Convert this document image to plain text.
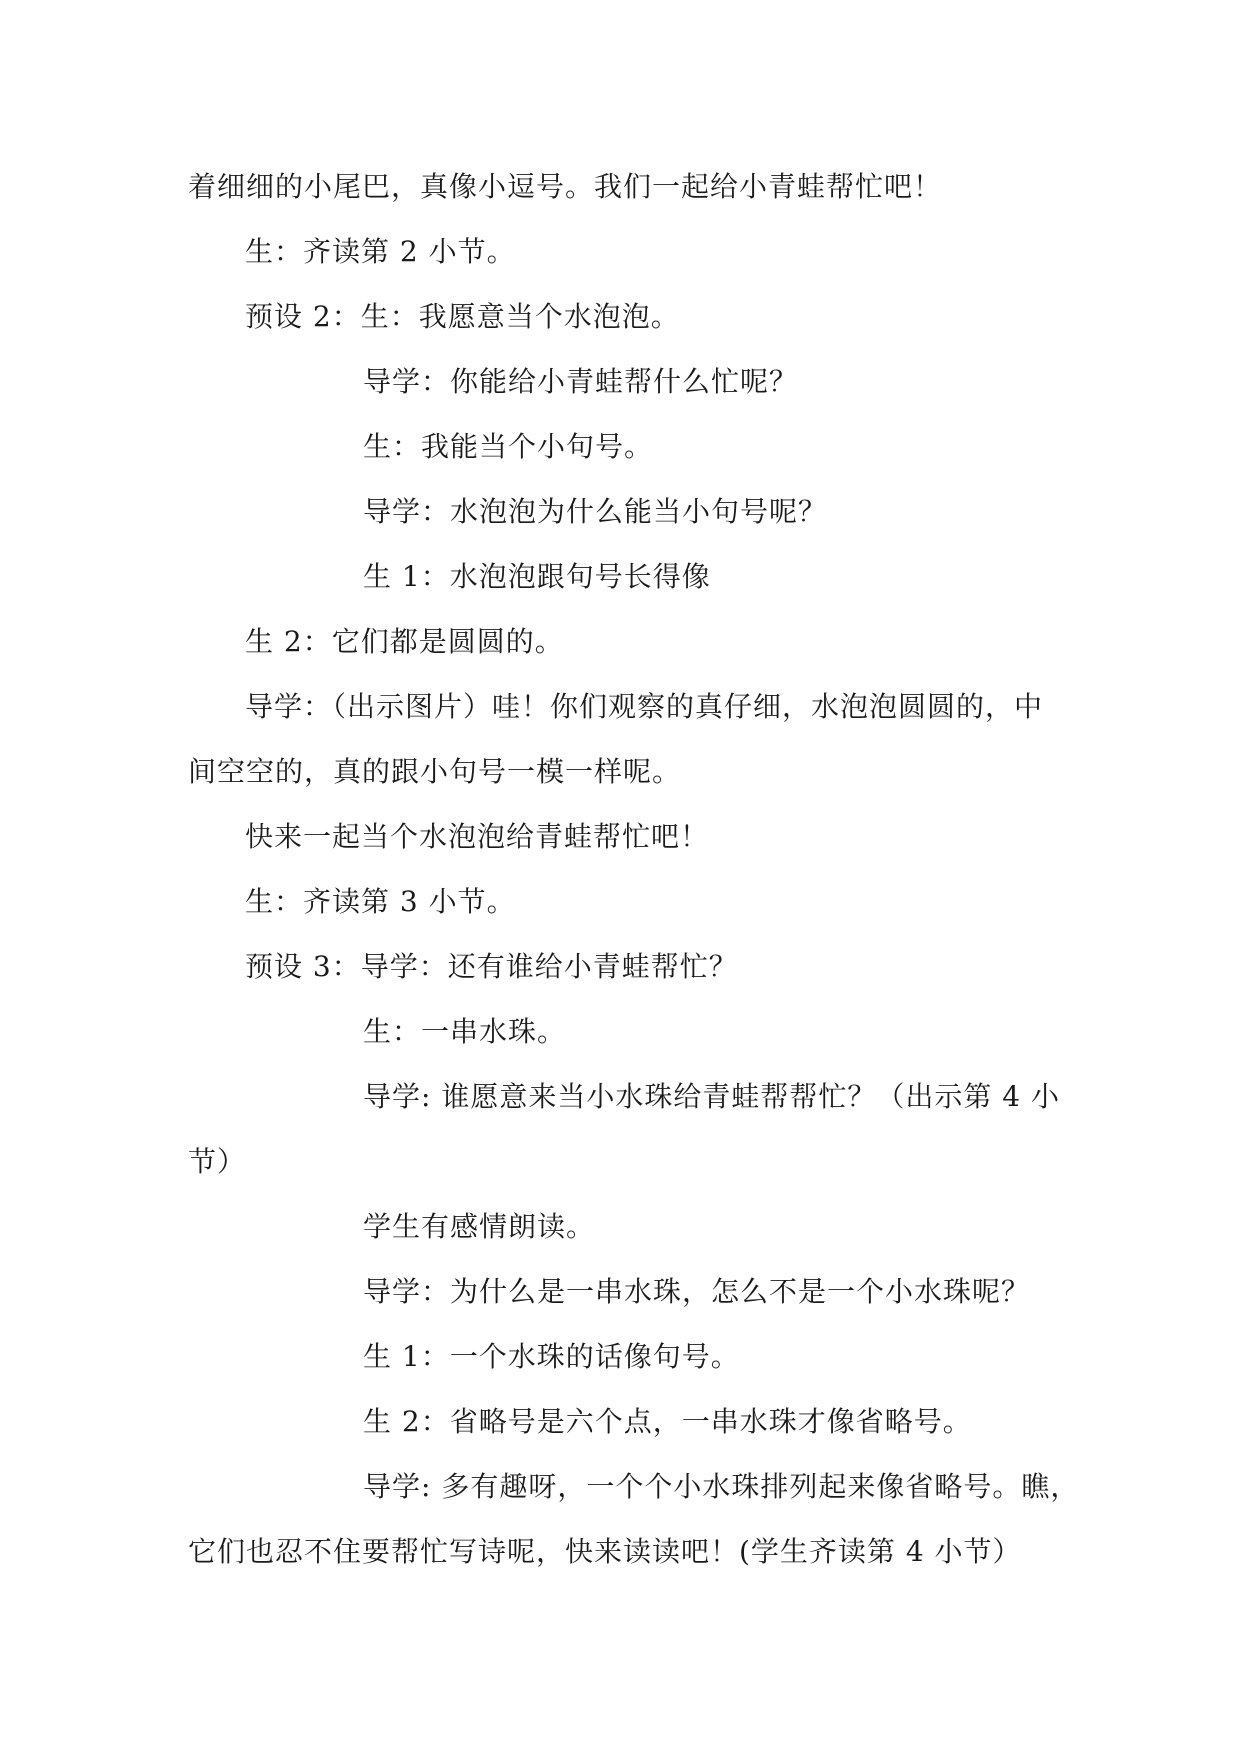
着细细的小尾巴，真像小逗号。我们一起给小青蛙帮忙吧！
生：齐读第 2 小节。
预设 2：生：我愿意当个水泡泡。
导学：你能给小青蛙帮什么忙呢？
生：我能当个小句号。
导学：水泡泡为什么能当小句号呢？
生 1：水泡泡跟句号长得像
生 2：它们都是圆圆的。
导学：（出示图片）哇！你们观察的真仔细，水泡泡圆圆的，中
间空空的，真的跟小句号一模一样呢。
快来一起当个水泡泡给青蛙帮忙吧！
生：齐读第 3 小节。
预设 3：导学：还有谁给小青蛙帮忙？
生：一串水珠。
导学: 谁愿意来当小水珠给青蛙帮帮忙？（出示第 4 小
节）
学生有感情朗读。
导学：为什么是一串水珠，怎么不是一个小水珠呢？
生 1：一个水珠的话像句号。
生 2：省略号是六个点，一串水珠才像省略号。
导学: 多有趣呀，一个个小水珠排列起来像省略号。瞧，
它们也忍不住要帮忙写诗呢，快来读读吧！(学生齐读第 4 小节）
